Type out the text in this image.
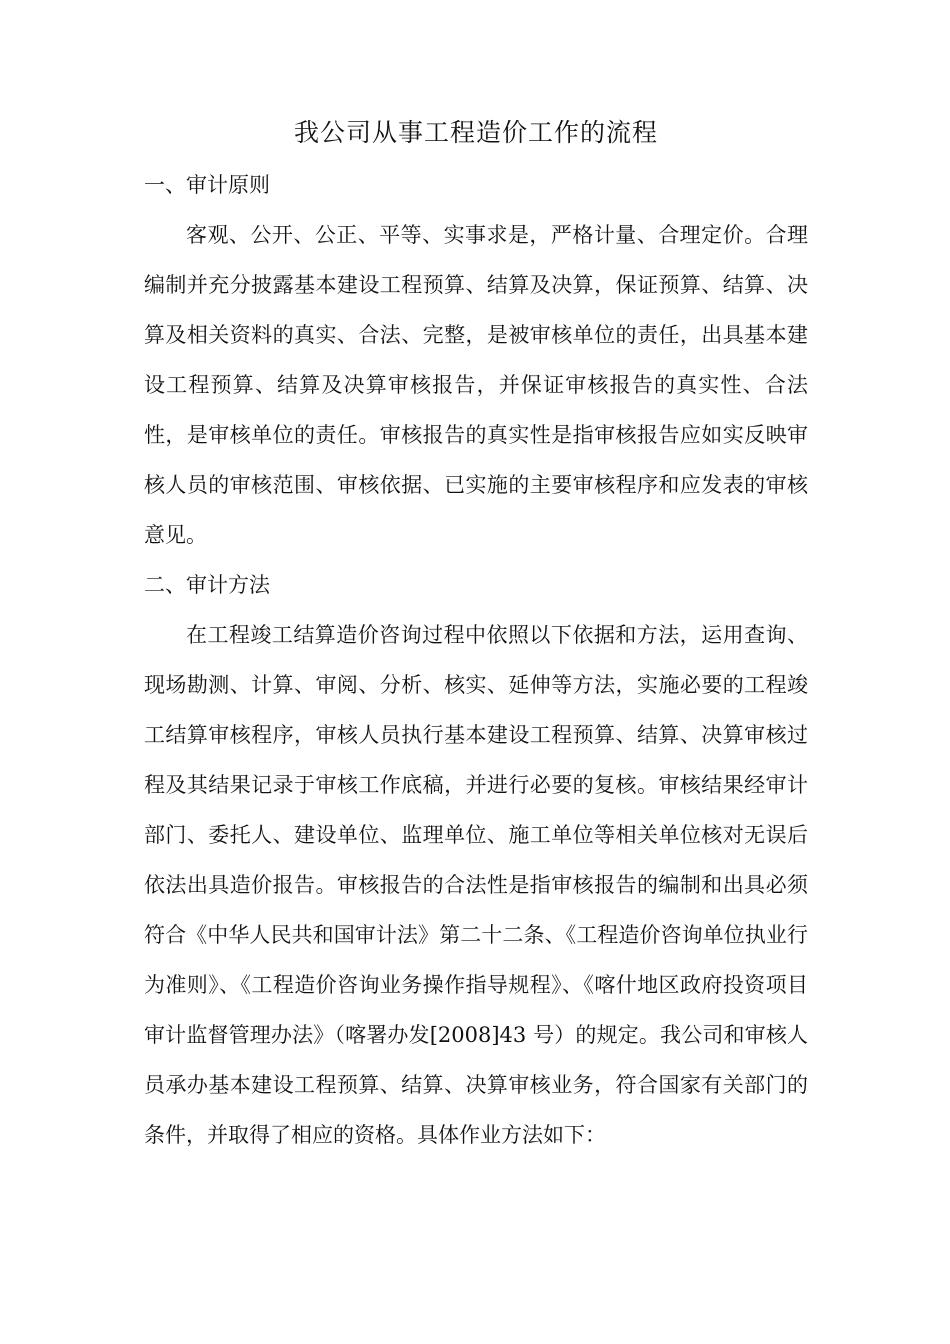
我公司从事工程造价工作的流程
一、审计原则

客观、公开、公正、平等、实事求是，严格计量、合理定价。合理编制并充分披露基本建设工程预算、结算及决算，保证预算、结算、决算及相关资料的真实、合法、完整，是被审核单位的责任，出具基本建设工程预算、结算及决算审核报告，并保证审核报告的真实性、合法性，是审核单位的责任。审核报告的真实性是指审核报告应如实反映审核人员的审核范围、审核依据、已实施的主要审核程序和应发表的审核意见。

二、审计方法

在工程竣工结算造价咨询过程中依照以下依据和方法，运用查询、现场勘测、计算、审阅、分析、核实、延伸等方法，实施必要的工程竣工结算审核程序，审核人员执行基本建设工程预算、结算、决算审核过程及其结果记录于审核工作底稿，并进行必要的复核。审核结果经审计部门、委托人、建设单位、监理单位、施工单位等相关单位核对无误后依法出具造价报告。审核报告的合法性是指审核报告的编制和出具必须符合《中华人民共和国审计法》第二十二条、《工程造价咨询单位执业行为准则》、《工程造价咨询业务操作指导规程》、《喀什地区政府投资项目审计监督管理办法》（喀署办发[2008]43 号）的规定。我公司和审核人员承办基本建设工程预算、结算、决算审核业务，符合国家有关部门的条件，并取得了相应的资格。具体作业方法如下：
